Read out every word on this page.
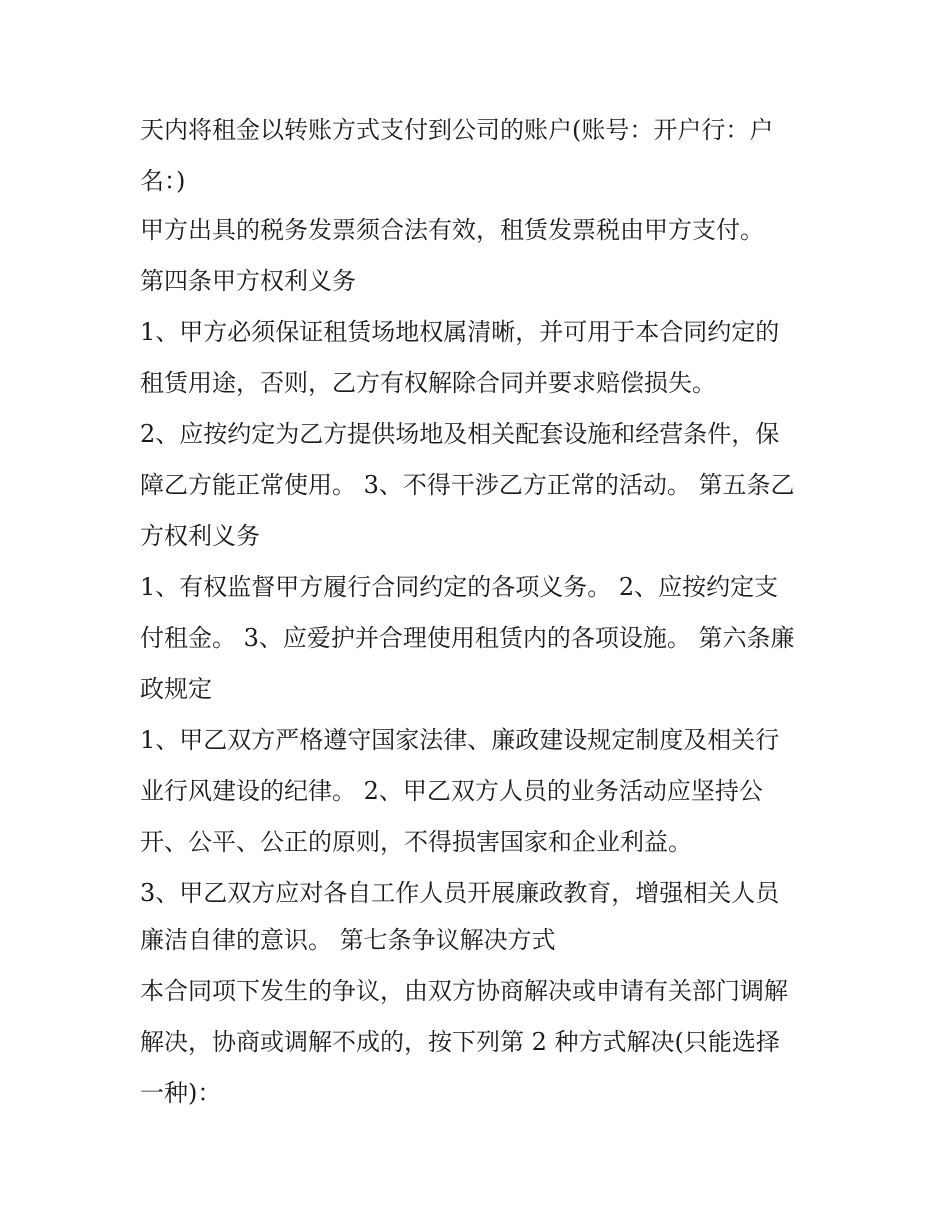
天内将租金以转账方式支付到公司的账户(账号：开户行：户

名：)

甲方出具的税务发票须合法有效，租赁发票税由甲方支付。

第四条甲方权利义务

1、甲方必须保证租赁场地权属清晰，并可用于本合同约定的

租赁用途，否则，乙方有权解除合同并要求赔偿损失。

2、应按约定为乙方提供场地及相关配套设施和经营条件，保

障乙方能正常使用。 3、不得干涉乙方正常的活动。 第五条乙

方权利义务

1、有权监督甲方履行合同约定的各项义务。 2、应按约定支

付租金。 3、应爱护并合理使用租赁内的各项设施。 第六条廉

政规定

1、甲乙双方严格遵守国家法律、廉政建设规定制度及相关行

业行风建设的纪律。 2、甲乙双方人员的业务活动应坚持公

开、公平、公正的原则，不得损害国家和企业利益。

3、甲乙双方应对各自工作人员开展廉政教育，增强相关人员

廉洁自律的意识。 第七条争议解决方式

本合同项下发生的争议，由双方协商解决或申请有关部门调解

解决，协商或调解不成的，按下列第 2 种方式解决(只能选择

一种)：
